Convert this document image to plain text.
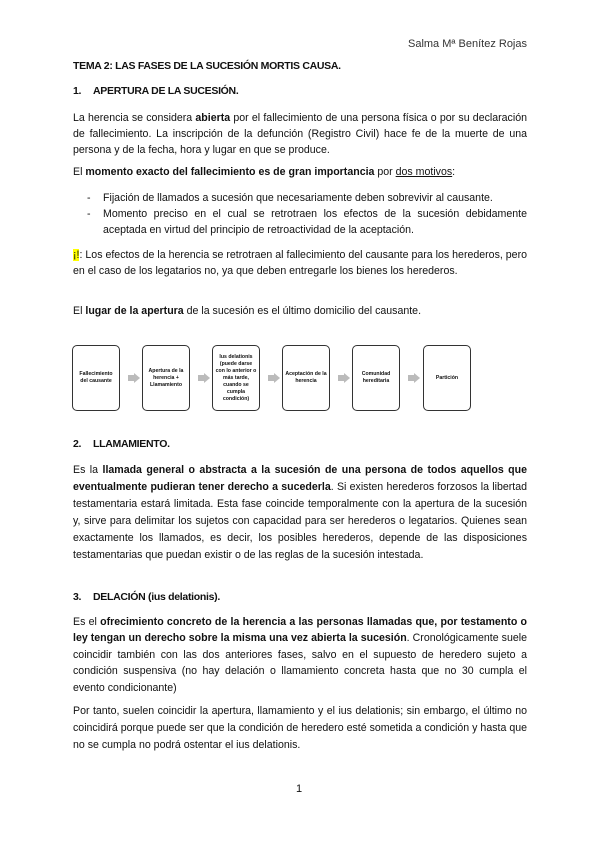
Salma Mª Benítez Rojas
TEMA 2: LAS FASES DE LA SUCESIÓN MORTIS CAUSA.
1. APERTURA DE LA SUCESIÓN.
La herencia se considera abierta por el fallecimiento de una persona física o por su declaración de fallecimiento. La inscripción de la defunción (Registro Civil) hace fe de la muerte de una persona y de la fecha, hora y lugar en que se produce.
El momento exacto del fallecimiento es de gran importancia por dos motivos:
- Fijación de llamados a sucesión que necesariamente deben sobrevivir al causante.
- Momento preciso en el cual se retrotraen los efectos de la sucesión debidamente aceptada en virtud del principio de retroactividad de la aceptación.
¡!: Los efectos de la herencia se retrotraen al fallecimiento del causante para los herederos, pero en el caso de los legatarios no, ya que deben entregarle los bienes los herederos.
El lugar de la apertura de la sucesión es el último domicilio del causante.
Fallecimiento del causante
Apertura de la herencia + Llamamiento
Ius delationis (puede darse con lo anterior o más tarde, cuando se cumpla condición)
Aceptación de la herencia
Comunidad hereditaria
Partición
2. LLAMAMIENTO.
Es la llamada general o abstracta a la sucesión de una persona de todos aquellos que eventualmente pudieran tener derecho a sucederla. Si existen herederos forzosos la libertad testamentaria estará limitada. Esta fase coincide temporalmente con la apertura de la sucesión y, sirve para delimitar los sujetos con capacidad para ser herederos o legatarios. Quienes sean exactamente los llamados, es decir, los posibles herederos, depende de las disposiciones testamentarias que puedan existir o de las reglas de la sucesión intestada.
3. DELACIÓN (ius delationis).
Es el ofrecimiento concreto de la herencia a las personas llamadas que, por testamento o ley tengan un derecho sobre la misma una vez abierta la sucesión. Cronológicamente suele coincidir también con las dos anteriores fases, salvo en el supuesto de heredero sujeto a condición suspensiva (no hay delación o llamamiento concreta hasta que no 30 cumpla el evento condicionante)
Por tanto, suelen coincidir la apertura, llamamiento y el ius delationis; sin embargo, el último no coincidirá porque puede ser que la condición de heredero esté sometida a condición y hasta que no se cumpla no podrá ostentar el ius delationis.
1
